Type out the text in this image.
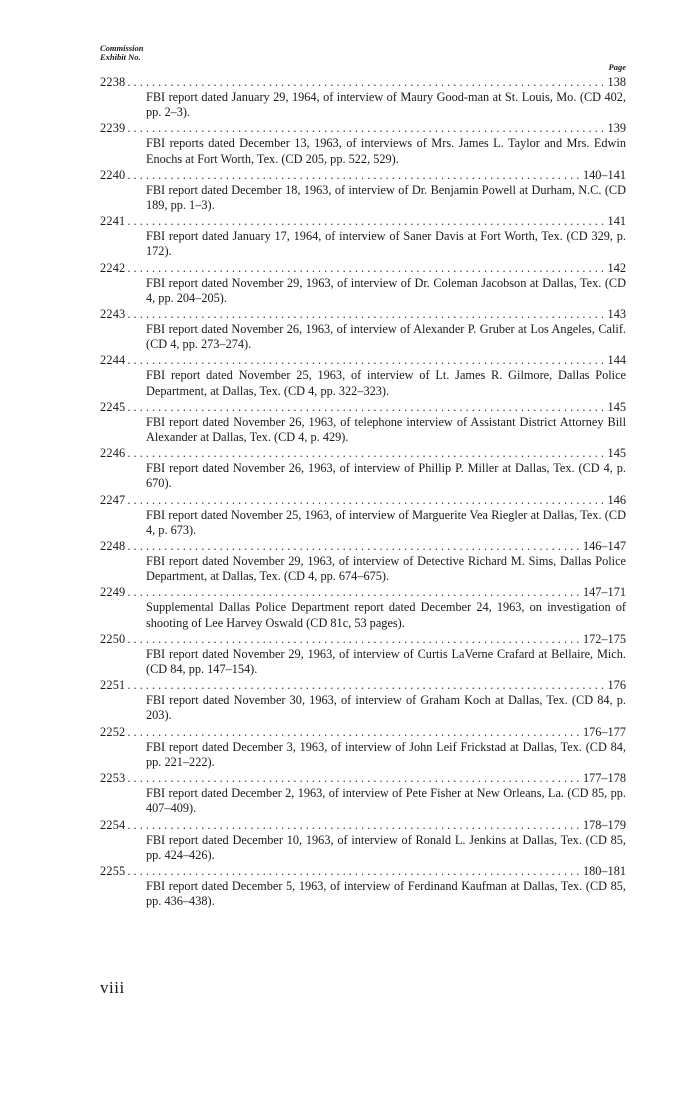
Commission
Exhibit No.
Page
2238 . . .	138
FBI report dated January 29, 1964, of interview of Maury Good-man at St. Louis, Mo. (CD 402, pp. 2–3).
2239 . . .	139
FBI reports dated December 13, 1963, of interviews of Mrs. James L. Taylor and Mrs. Edwin Enochs at Fort Worth, Tex. (CD 205, pp. 522, 529).
2240 . . .	140–141
FBI report dated December 18, 1963, of interview of Dr. Benjamin Powell at Durham, N.C. (CD 189, pp. 1–3).
2241 . . .	141
FBI report dated January 17, 1964, of interview of Saner Davis at Fort Worth, Tex. (CD 329, p. 172).
2242 . . .	142
FBI report dated November 29, 1963, of interview of Dr. Coleman Jacobson at Dallas, Tex. (CD 4, pp. 204–205).
2243 . . .	143
FBI report dated November 26, 1963, of interview of Alexander P. Gruber at Los Angeles, Calif. (CD 4, pp. 273–274).
2244 . . .	144
FBI report dated November 25, 1963, of interview of Lt. James R. Gilmore, Dallas Police Department, at Dallas, Tex. (CD 4, pp. 322–323).
2245 . . .	145
FBI report dated November 26, 1963, of telephone interview of Assistant District Attorney Bill Alexander at Dallas, Tex. (CD 4, p. 429).
2246 . . .	145
FBI report dated November 26, 1963, of interview of Phillip P. Miller at Dallas, Tex. (CD 4, p. 670).
2247 . . .	146
FBI report dated November 25, 1963, of interview of Marguerite Vea Riegler at Dallas, Tex. (CD 4, p. 673).
2248 . . .	146–147
FBI report dated November 29, 1963, of interview of Detective Richard M. Sims, Dallas Police Department, at Dallas, Tex. (CD 4, pp. 674–675).
2249 . . .	147–171
Supplemental Dallas Police Department report dated December 24, 1963, on investigation of shooting of Lee Harvey Oswald (CD 81c, 53 pages).
2250 . . .	172–175
FBI report dated November 29, 1963, of interview of Curtis LaVerne Crafard at Bellaire, Mich. (CD 84, pp. 147–154).
2251 . . .	176
FBI report dated November 30, 1963, of interview of Graham Koch at Dallas, Tex. (CD 84, p. 203).
2252 . . .	176–177
FBI report dated December 3, 1963, of interview of John Leif Frickstad at Dallas, Tex. (CD 84, pp. 221–222).
2253 . . .	177–178
FBI report dated December 2, 1963, of interview of Pete Fisher at New Orleans, La. (CD 85, pp. 407–409).
2254 . . .	178–179
FBI report dated December 10, 1963, of interview of Ronald L. Jenkins at Dallas, Tex. (CD 85, pp. 424–426).
2255 . . .	180–181
FBI report dated December 5, 1963, of interview of Ferdinand Kaufman at Dallas, Tex. (CD 85, pp. 436–438).
viii
